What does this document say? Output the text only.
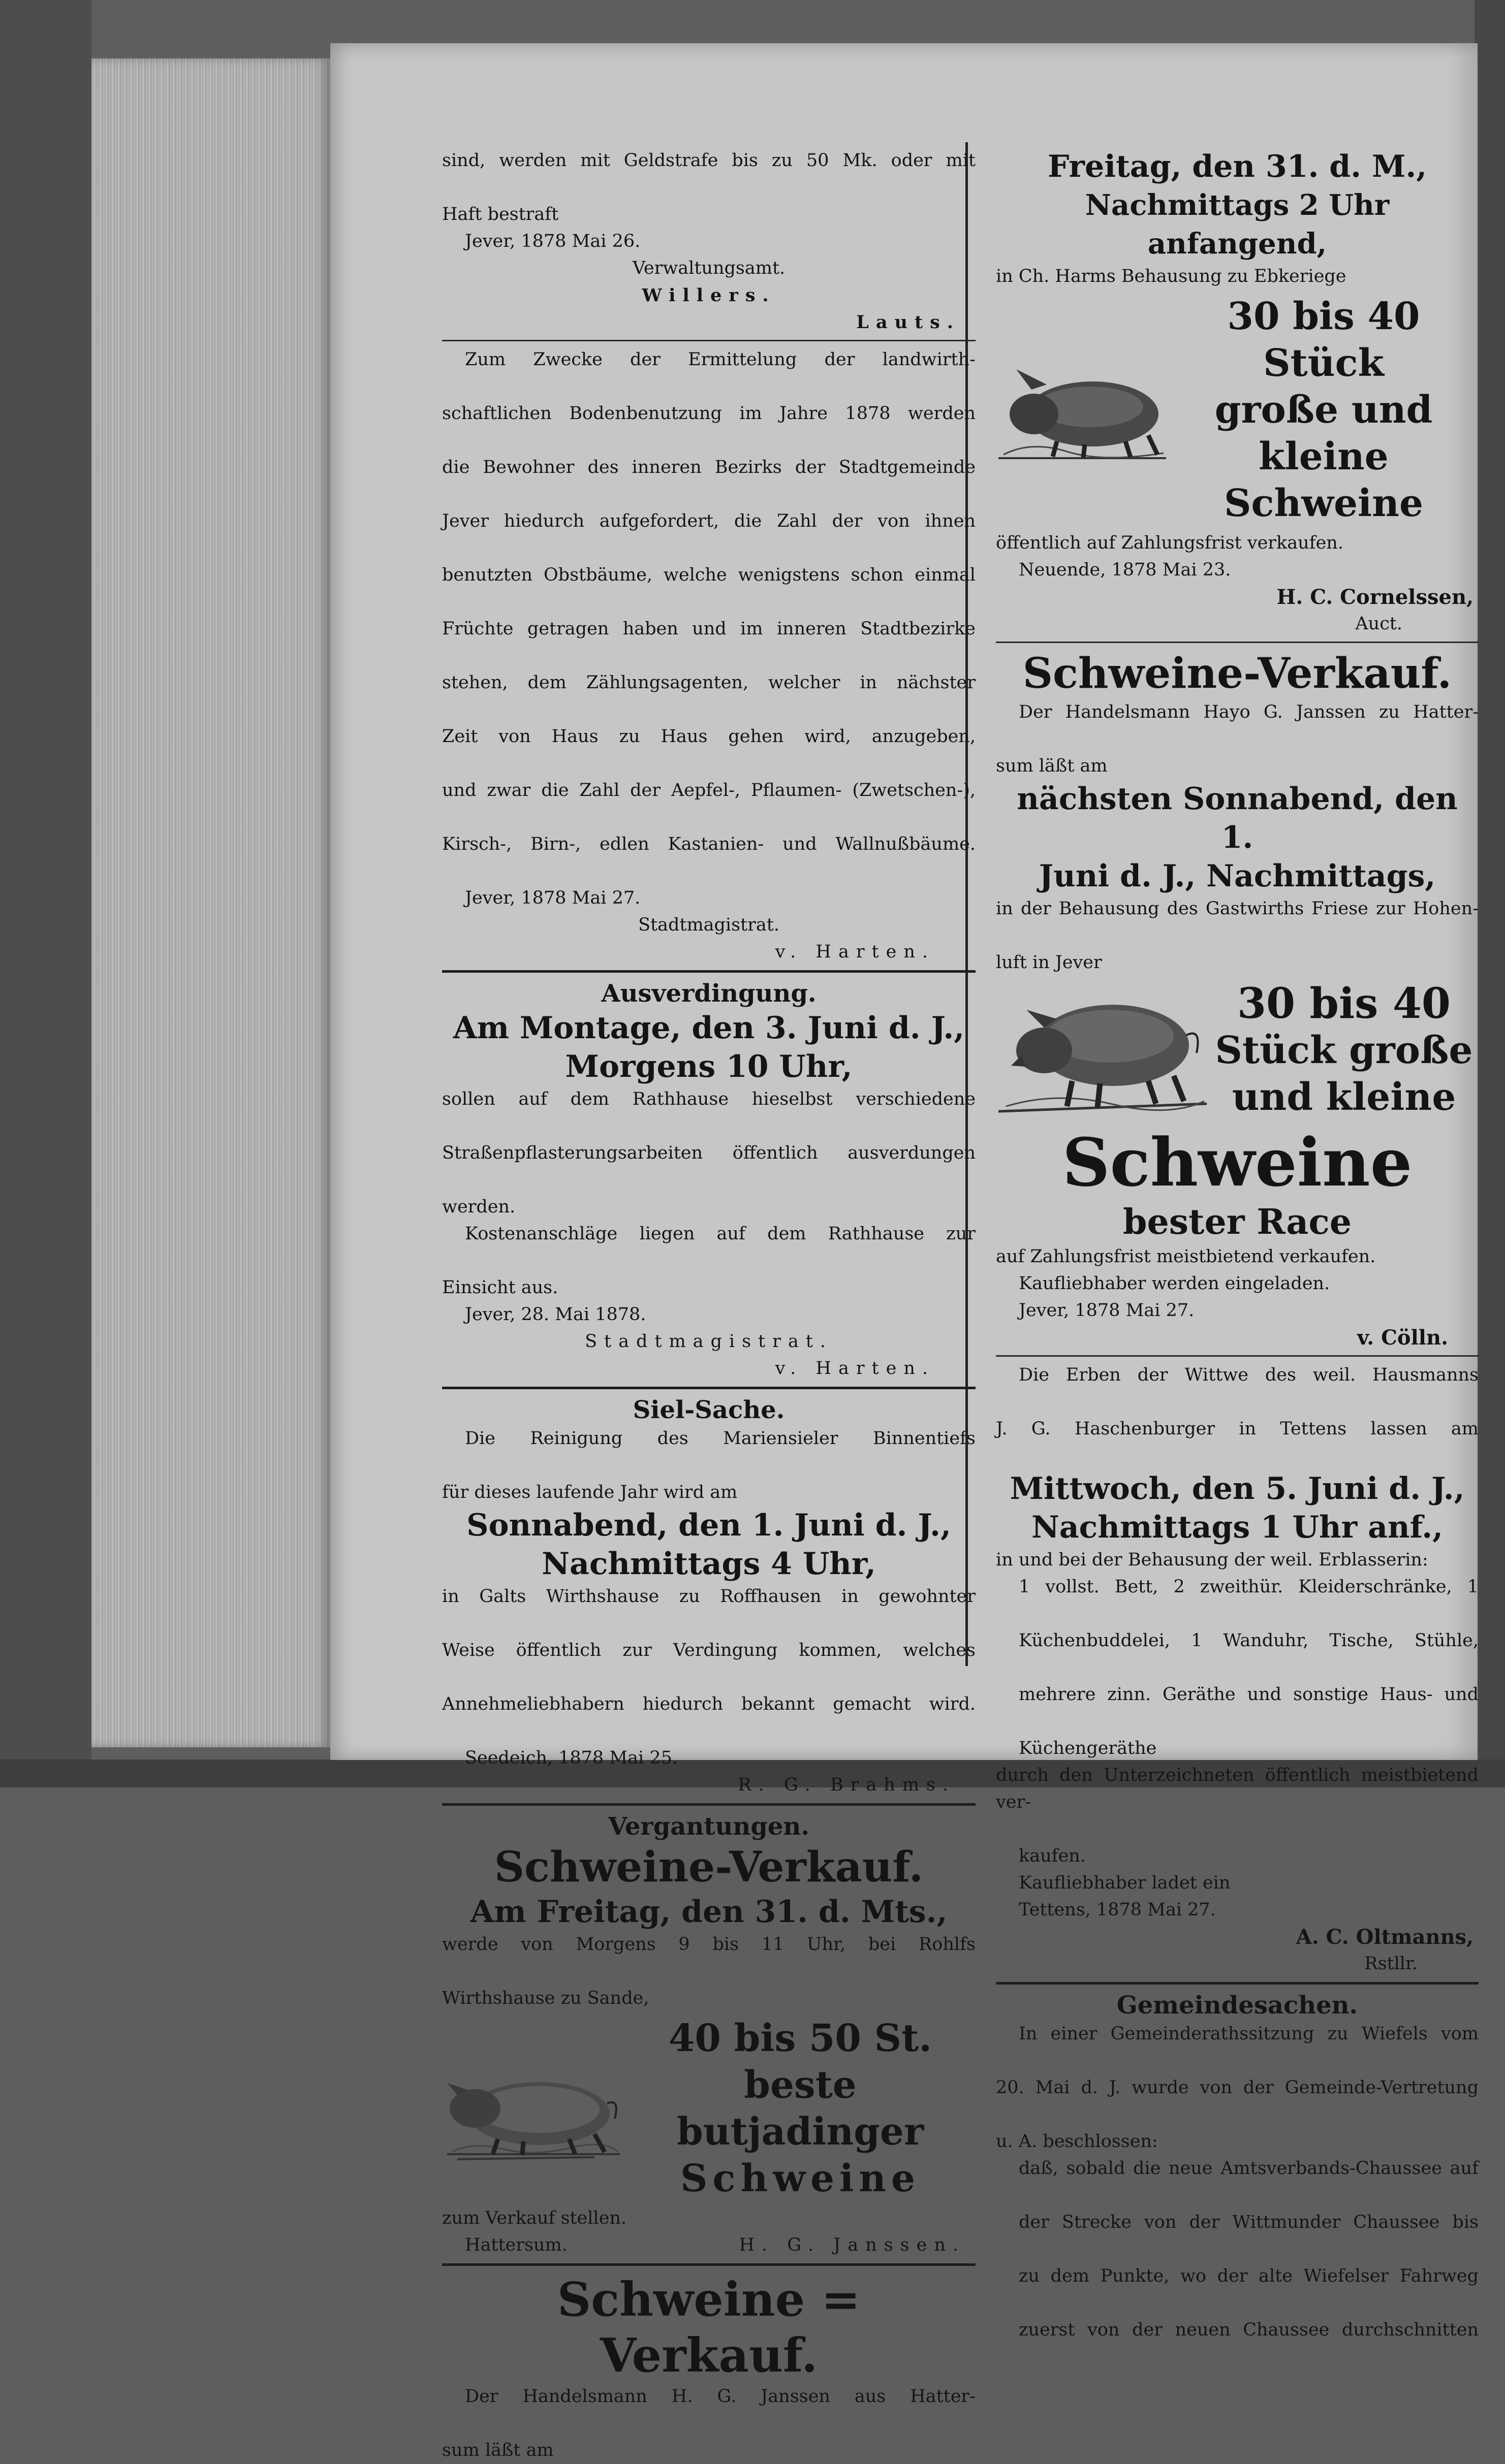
sind, werden mit Geldstrafe bis zu 50 Mk. oder mit

Haft bestraft

Jever, 1878 Mai 26.

Verwaltungsamt.

Willers.

Lauts.

Zum Zwecke der Ermittelung der landwirth-

schaftlichen Bodenbenutzung im Jahre 1878 werden

die Bewohner des inneren Bezirks der Stadtgemeinde

Jever hiedurch aufgefordert, die Zahl der von ihnen

benutzten Obstbäume, welche wenigstens schon einmal

Früchte getragen haben und im inneren Stadtbezirke

stehen, dem Zählungsagenten, welcher in nächster

Zeit von Haus zu Haus gehen wird, anzugeben,

und zwar die Zahl der Aepfel-, Pflaumen- (Zwetschen-),

Kirsch-, Birn-, edlen Kastanien- und Wallnußbäume.

Jever, 1878 Mai 27.

Stadtmagistrat.

v. Harten.

Ausverdingung.

Am Montage, den 3. Juni d. J.,

Morgens 10 Uhr,

sollen auf dem Rathhause hieselbst verschiedene

Straßenpflasterungsarbeiten öffentlich ausverdungen

werden.

Kostenanschläge liegen auf dem Rathhause zur

Einsicht aus.

Jever, 28. Mai 1878.

Stadtmagistrat.

v. Harten.

Siel-Sache.

Die Reinigung des Mariensieler Binnentiefs

für dieses laufende Jahr wird am

Sonnabend, den 1. Juni d. J.,

Nachmittags 4 Uhr,

in Galts Wirthshause zu Roffhausen in gewohnter

Weise öffentlich zur Verdingung kommen, welches

Annehmeliebhabern hiedurch bekannt gemacht wird.

Seedeich, 1878 Mai 25.

R. G. Brahms.

Vergantungen.

Schweine-Verkauf.

Am Freitag, den 31. d. Mts.,

werde von Morgens 9 bis 11 Uhr, bei Rohlfs

Wirthshause zu Sande,

40 bis 50 St.

beste butjadinger

Schweine

zum Verkauf stellen.

Hattersum.	H. G. Janssen.

Schweine = Verkauf.

Der Handelsmann H. G. Janssen aus Hatter-

sum läßt am

Freitag, den 31. d. M.,

Nachmittags 2 Uhr anfangend,

in Ch. Harms Behausung zu Ebkeriege

30 bis 40 Stück

große und kleine

Schweine

öffentlich auf Zahlungsfrist verkaufen.

Neuende, 1878 Mai 23.

H. C. Cornelssen,

Auct.

Schweine-Verkauf.

Der Handelsmann Hayo G. Janssen zu Hatter-

sum läßt am

nächsten Sonnabend, den 1.

Juni d. J., Nachmittags,

in der Behausung des Gastwirths Friese zur Hohen-

luft in Jever

30 bis 40

Stück große

und kleine

Schweine

bester Race

auf Zahlungsfrist meistbietend verkaufen.

Kaufliebhaber werden eingeladen.

Jever, 1878 Mai 27.

v. Cölln.

Die Erben der Wittwe des weil. Hausmanns

J. G. Haschenburger in Tettens lassen am

Mittwoch, den 5. Juni d. J.,

Nachmittags 1 Uhr anf.,

in und bei der Behausung der weil. Erblasserin:

1 vollst. Bett, 2 zweithür. Kleiderschränke, 1

Küchenbuddelei, 1 Wanduhr, Tische, Stühle,

mehrere zinn. Geräthe und sonstige Haus- und

Küchengeräthe

durch den Unterzeichneten öffentlich meistbietend ver-

kaufen.

Kaufliebhaber ladet ein

Tettens, 1878 Mai 27.

A. C. Oltmanns,

Rstllr.

Gemeindesachen.

In einer Gemeinderathssitzung zu Wiefels vom

20. Mai d. J. wurde von der Gemeinde-Vertretung

u. A. beschlossen:

daß, sobald die neue Amtsverbands-Chaussee auf

der Strecke von der Wittmunder Chaussee bis

zu dem Punkte, wo der alte Wiefelser Fahrweg

zuerst von der neuen Chaussee durchschnitten
